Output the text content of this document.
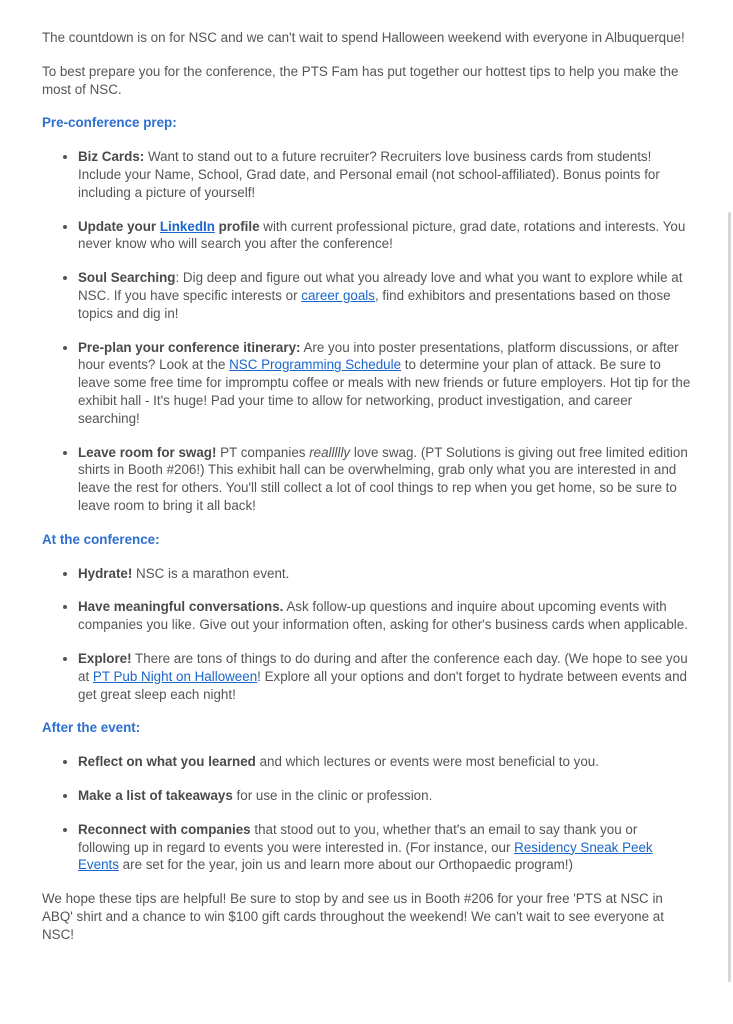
The countdown is on for NSC and we can't wait to spend Halloween weekend with everyone in Albuquerque!

To best prepare you for the conference, the PTS Fam has put together our hottest tips to help you make the most of NSC.

Pre-conference prep:
• Biz Cards: Want to stand out to a future recruiter? Recruiters love business cards from students! Include your Name, School, Grad date, and Personal email (not school-affiliated). Bonus points for including a picture of yourself!
• Update your LinkedIn profile with current professional picture, grad date, rotations and interests. You never know who will search you after the conference!
• Soul Searching: Dig deep and figure out what you already love and what you want to explore while at NSC. If you have specific interests or career goals, find exhibitors and presentations based on those topics and dig in!
• Pre-plan your conference itinerary: Are you into poster presentations, platform discussions, or after hour events? Look at the NSC Programming Schedule to determine your plan of attack. Be sure to leave some free time for impromptu coffee or meals with new friends or future employers. Hot tip for the exhibit hall - It's huge! Pad your time to allow for networking, product investigation, and career searching!
• Leave room for swag! PT companies reallllly love swag. (PT Solutions is giving out free limited edition shirts in Booth #206!) This exhibit hall can be overwhelming, grab only what you are interested in and leave the rest for others. You'll still collect a lot of cool things to rep when you get home, so be sure to leave room to bring it all back!
At the conference:
• Hydrate! NSC is a marathon event.
• Have meaningful conversations. Ask follow-up questions and inquire about upcoming events with companies you like. Give out your information often, asking for other's business cards when applicable.
• Explore! There are tons of things to do during and after the conference each day. (We hope to see you at PT Pub Night on Halloween! Explore all your options and don't forget to hydrate between events and get great sleep each night!
After the event:
• Reflect on what you learned and which lectures or events were most beneficial to you.
• Make a list of takeaways for use in the clinic or profession.
• Reconnect with companies that stood out to you, whether that's an email to say thank you or following up in regard to events you were interested in. (For instance, our Residency Sneak Peek Events are set for the year, join us and learn more about our Orthopaedic program!)

We hope these tips are helpful! Be sure to stop by and see us in Booth #206 for your free 'PTS at NSC in ABQ' shirt and a chance to win $100 gift cards throughout the weekend! We can't wait to see everyone at NSC!
